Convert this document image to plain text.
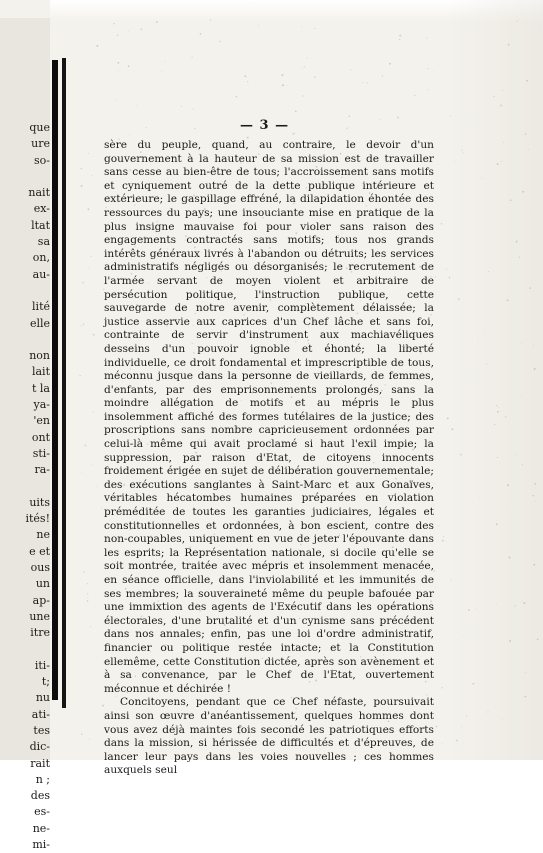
que
ure
so-
nait
ex-
ltat
sa
on,
au-
lité
elle
non
lait
t la
ya-
'en
ont
sti-
ra-
uits
ités!
ne
e et
ous
un
ap-
une
itre
iti-
t;
nu
ati-
tes
dic-
rait
n ;
des
es-
ne-
mi-
— 3 —

sère du peuple, quand, au contraire, le devoir d'un gouvernement à la hauteur de sa mission est de travailler sans cesse au bien-être de tous; l'accroissement sans motifs et cyniquement outré de la dette publique intérieure et extérieure; le gaspillage effréné, la dilapidation éhontée des ressources du pays; une insouciante mise en pratique de la plus insigne mauvaise foi pour violer sans raison des engagements contractés sans motifs; tous nos grands intérêts généraux livrés à l'abandon ou détruits; les services administratifs négligés ou désorganisés; le recrutement de l'armée servant de moyen violent et arbitraire de persécution politique, l'instruction publique, cette sauvegarde de notre avenir, complètement délaissée; la justice asservie aux caprices d'un Chef lâche et sans foi, contrainte de servir d'instrument aux machiavéliques desseins d'un pouvoir ignoble et éhonté; la liberté individuelle, ce droit fondamental et imprescriptible de tous, méconnu jusque dans la personne de vieillards, de femmes, d'enfants, par des emprisonnements prolongés, sans la moindre allégation de motifs et au mépris le plus insolemment affiché des formes tutélaires de la justice; des proscriptions sans nombre capricieusement ordonnées par celui-là même qui avait proclamé si haut l'exil impie; la suppression, par raison d'Etat, de citoyens innocents froidement érigée en sujet de délibération gouvernementale; des exécutions sanglantes à Saint-Marc et aux Gonaïves, véritables hécatombes humaines préparées en violation préméditée de toutes les garanties judiciaires, légales et constitutionnelles et ordonnées, à bon escient, contre des non-coupables, uniquement en vue de jeter l'épouvante dans les esprits; la Représentation nationale, si docile qu'elle se soit montrée, traitée avec mépris et insolemment menacée, en séance officielle, dans l'inviolabilité et les immunités de ses membres; la souveraineté même du peuple bafouée par une immixtion des agents de l'Exécutif dans les opérations électorales, d'une brutalité et d'un cynisme sans précédent dans nos annales; enfin, pas une loi d'ordre administratif, financier ou politique restée intacte; et la Constitution ellemême, cette Constitution dictée, après son avènement et à sa convenance, par le Chef de l'Etat, ouvertement méconnue et déchirée !

Concitoyens, pendant que ce Chef néfaste, poursuivait ainsi son œuvre d'anéantissement, quelques hommes dont vous avez déjà maintes fois secondé les patriotiques efforts dans la mission, si hérissée de difficultés et d'épreuves, de lancer leur pays dans les voies nouvelles ; ces hommes auxquels seul
